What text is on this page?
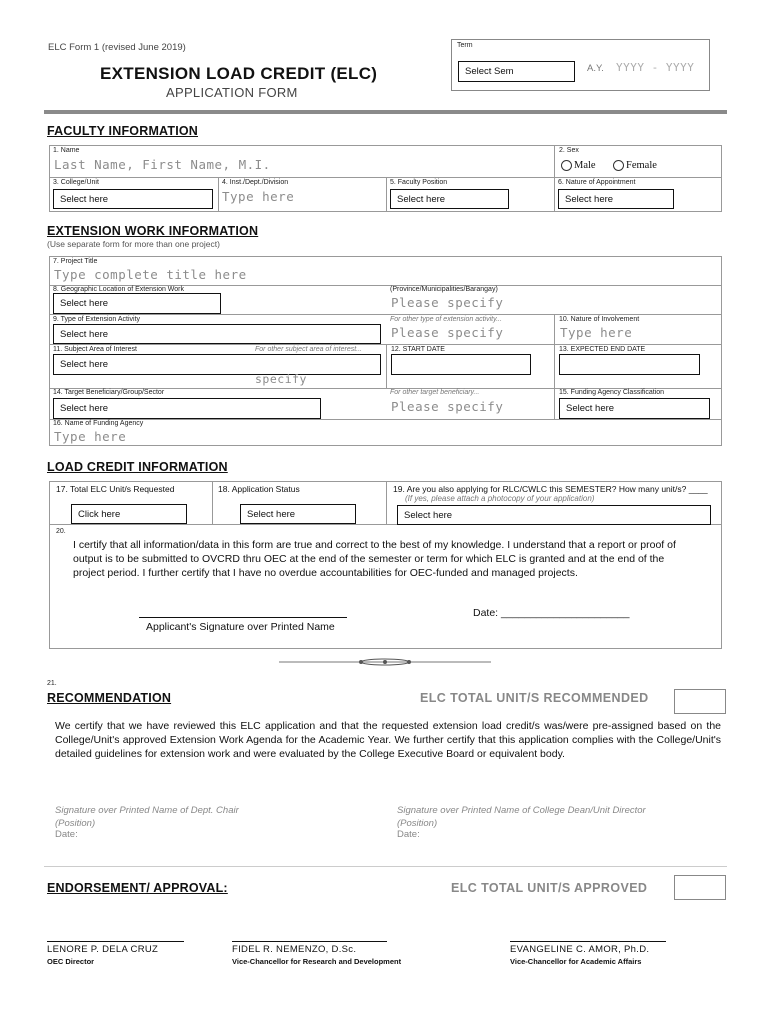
ELC Form 1 (revised June 2019)
EXTENSION LOAD CREDIT (ELC)
APPLICATION FORM
Term
Select Sem	A.Y. YYYY - YYYY
FACULTY INFORMATION
1. Name
Last Name, First Name, M.I.
2. Sex
Male	Female
3. College/Unit
Select here
4. Inst./Dept./Division
Type here
5. Faculty Position
Select here
6. Nature of Appointment
Select here
EXTENSION WORK INFORMATION
(Use separate form for more than one project)
7. Project Title
Type complete title here
8. Geographic Location of Extension Work
Select here
(Province/Municipalities/Barangay)
Please specify
9. Type of Extension Activity
Select here
For other type of extension activity...
Please specify
10. Nature of Involvement
Type here
11. Subject Area of Interest	For other subject area of interest...
Select here
specify
12. START DATE	13. EXPECTED END DATE
14. Target Beneficiary/Group/Sector
Select here
For other target beneficiary...
Please specify
15. Funding Agency Classification
Select here
16. Name of Funding Agency
Type here
LOAD CREDIT INFORMATION
17. Total ELC Unit/s Requested
Click here
18. Application Status
Select here
19. Are you also applying for RLC/CWLC this SEMESTER? How many unit/s? ____
(If yes, please attach a photocopy of your application)
Select here
20.
I certify that all information/data in this form are true and correct to the best of my knowledge. I understand that a report or proof of output is to be submitted to OVCRD thru OEC at the end of the semester or term for which ELC is granted and at the end of the project period. I further certify that I have no overdue accountabilities for OEC-funded and managed projects.
Applicant's Signature over Printed Name
Date: ______________________
21.
RECOMMENDATION	ELC TOTAL UNIT/S RECOMMENDED
We certify that we have reviewed this ELC application and that the requested extension load credit/s was/were pre-assigned based on the College/Unit's approved Extension Work Agenda for the Academic Year. We further certify that this application complies with the College/Unit's detailed guidelines for extension work and were evaluated by the College Executive Board or equivalent body.
Signature over Printed Name of Dept. Chair
(Position)
Date:
Signature over Printed Name of College Dean/Unit Director
(Position)
Date:
ENDORSEMENT/ APPROVAL:	ELC TOTAL UNIT/S APPROVED
LENORE P. DELA CRUZ
OEC Director
FIDEL R. NEMENZO, D.Sc.
Vice-Chancellor for Research and Development
EVANGELINE C. AMOR, Ph.D.
Vice-Chancellor for Academic Affairs
